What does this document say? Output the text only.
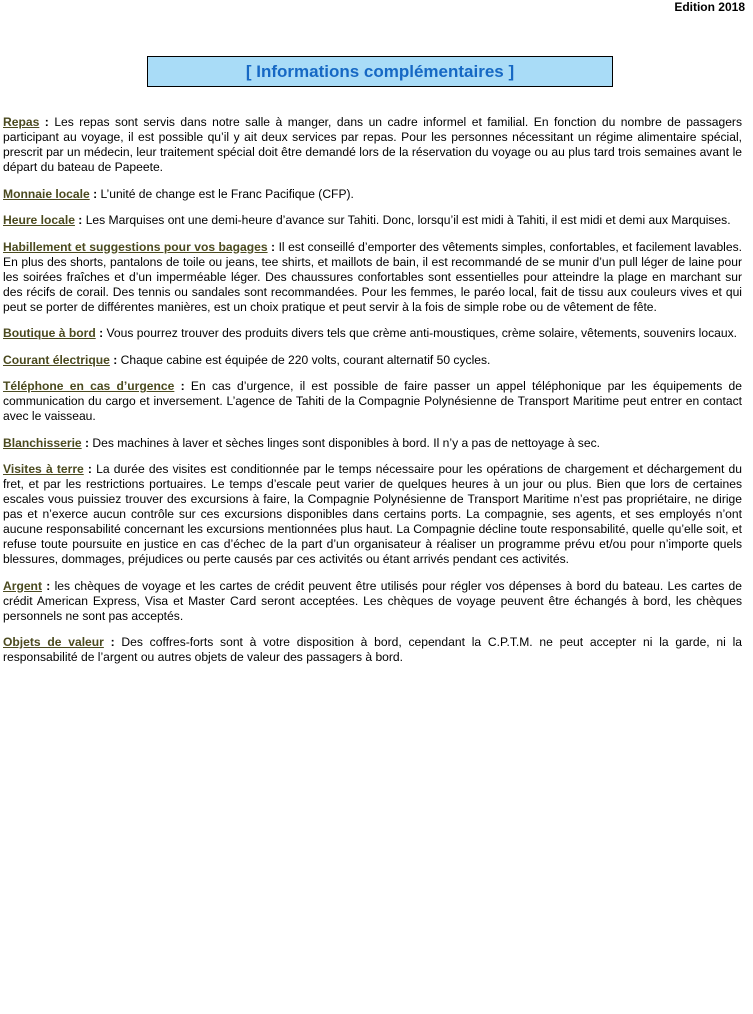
Edition 2018
[ Informations complémentaires ]

Repas : Les repas sont servis dans notre salle à manger, dans un cadre informel et familial. En fonction du nombre de passagers participant au voyage, il est possible qu’il y ait deux services par repas. Pour les personnes nécessitant un régime alimentaire spécial, prescrit par un médecin, leur traitement spécial doit être demandé lors de la réservation du voyage ou au plus tard trois semaines avant le départ du bateau de Papeete.

Monnaie locale : L’unité de change est le Franc Pacifique (CFP).

Heure locale : Les Marquises ont une demi-heure d’avance sur Tahiti. Donc, lorsqu’il est midi à Tahiti, il est midi et demi aux Marquises.

Habillement et suggestions pour vos bagages : Il est conseillé d’emporter des vêtements simples, confortables, et facilement lavables. En plus des shorts, pantalons de toile ou jeans, tee shirts, et maillots de bain, il est recommandé de se munir d’un pull léger de laine pour les soirées fraîches et d’un imperméable léger. Des chaussures confortables sont essentielles pour atteindre la plage en marchant sur des récifs de corail. Des tennis ou sandales sont recommandées. Pour les femmes, le paréo local, fait de tissu aux couleurs vives et qui peut se porter de différentes manières, est un choix pratique et peut servir à la fois de simple robe ou de vêtement de fête.

Boutique à bord : Vous pourrez trouver des produits divers tels que crème anti-moustiques, crème solaire, vêtements, souvenirs locaux.

Courant électrique : Chaque cabine est équipée de 220 volts, courant alternatif 50 cycles.

Téléphone en cas d’urgence : En cas d’urgence, il est possible de faire passer un appel téléphonique par les équipements de communication du cargo et inversement. L’agence de Tahiti de la Compagnie Polynésienne de Transport Maritime peut entrer en contact avec le vaisseau.

Blanchisserie : Des machines à laver et sèches linges sont disponibles à bord. Il n’y a pas de nettoyage à sec.

Visites à terre : La durée des visites est conditionnée par le temps nécessaire pour les opérations de chargement et déchargement du fret, et par les restrictions portuaires. Le temps d’escale peut varier de quelques heures à un jour ou plus. Bien que lors de certaines escales vous puissiez trouver des excursions à faire, la Compagnie Polynésienne de Transport Maritime n’est pas propriétaire, ne dirige pas et n’exerce aucun contrôle sur ces excursions disponibles dans certains ports. La compagnie, ses agents, et ses employés n’ont aucune responsabilité concernant les excursions mentionnées plus haut. La Compagnie décline toute responsabilité, quelle qu’elle soit, et refuse toute poursuite en justice en cas d’échec de la part d’un organisateur à réaliser un programme prévu et/ou pour n’importe quels blessures, dommages, préjudices ou perte causés par ces activités ou étant arrivés pendant ces activités.

Argent : les chèques de voyage et les cartes de crédit peuvent être utilisés pour régler vos dépenses à bord du bateau. Les cartes de crédit American Express, Visa et Master Card seront acceptées. Les chèques de voyage peuvent être échangés à bord, les chèques personnels ne sont pas acceptés.

Objets de valeur : Des coffres-forts sont à votre disposition à bord, cependant la C.P.T.M. ne peut accepter ni la garde, ni la responsabilité de l’argent ou autres objets de valeur des passagers à bord.
